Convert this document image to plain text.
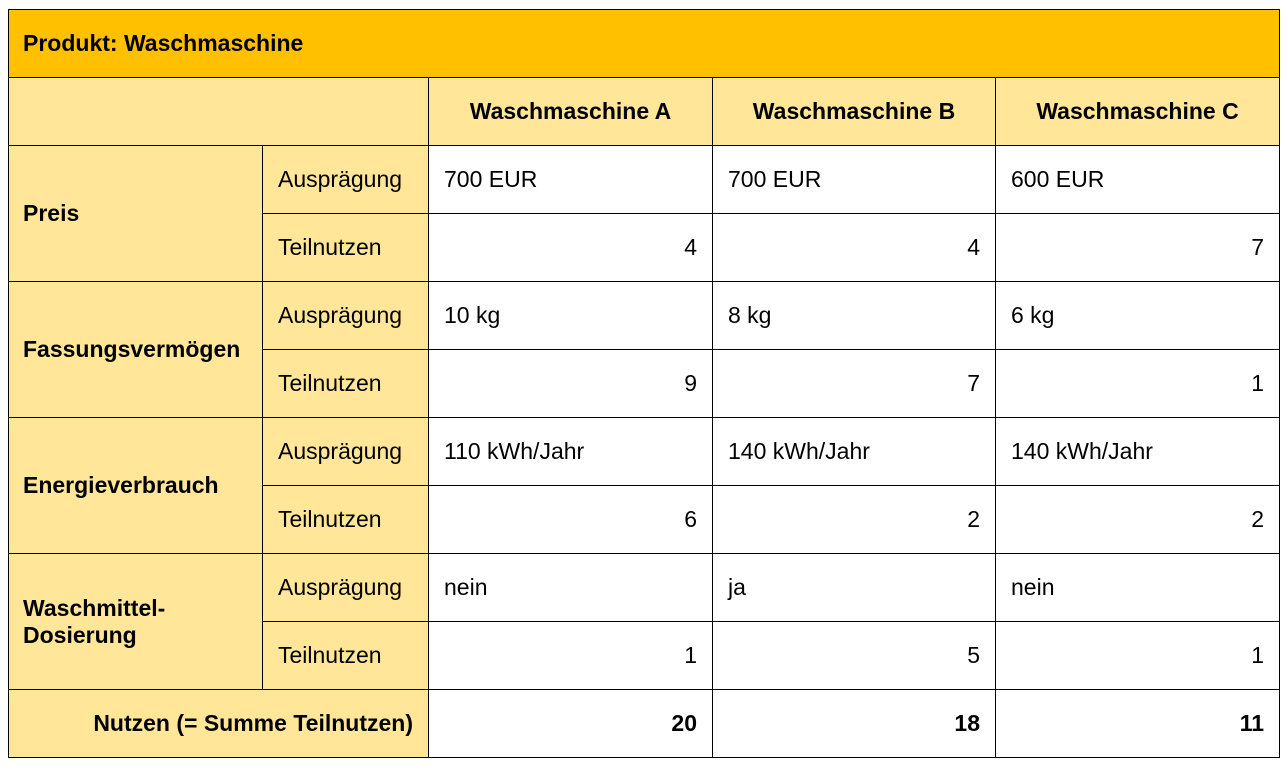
Produkt: Waschmaschine				
		Waschmaschine A	Waschmaschine B	Waschmaschine C
Preis	Ausprägung	700 EUR	700 EUR	600 EUR
	Teilnutzen	4	4	7
Fassungsvermögen	Ausprägung	10 kg	8 kg	6 kg
	Teilnutzen	9	7	1
Energieverbrauch	Ausprägung	110 kWh/Jahr	140 kWh/Jahr	140 kWh/Jahr
	Teilnutzen	6	2	2

Waschmittel-
Dosierung	Ausprägung	nein	ja	nein
	Teilnutzen	1	5	1
Nutzen (= Summe Teilnutzen)		20	18	11
